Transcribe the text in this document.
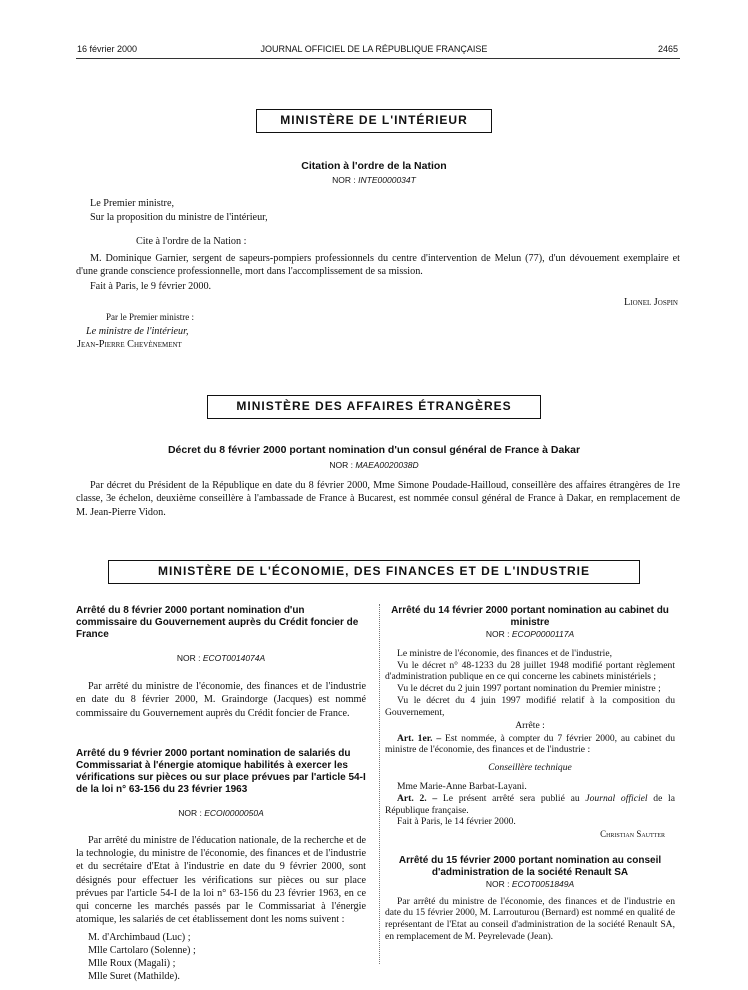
16 février 2000	JOURNAL OFFICIEL DE LA RÉPUBLIQUE FRANÇAISE	2465
MINISTÈRE DE L'INTÉRIEUR
Citation à l'ordre de la Nation
NOR : INTE0000034T
Le Premier ministre,
Sur la proposition du ministre de l'intérieur,
Cite à l'ordre de la Nation :
M. Dominique Garnier, sergent de sapeurs-pompiers professionnels du centre d'intervention de Melun (77), d'un dévouement exemplaire et d'une grande conscience professionnelle, mort dans l'accomplissement de sa mission.
Fait à Paris, le 9 février 2000.
Lionel Jospin
Par le Premier ministre :
Le ministre de l'intérieur,
Jean-Pierre Chevènement
MINISTÈRE DES AFFAIRES ÉTRANGÈRES
Décret du 8 février 2000 portant nomination d'un consul général de France à Dakar
NOR : MAEA0020038D
Par décret du Président de la République en date du 8 février 2000, Mme Simone Poudade-Hailloud, conseillère des affaires étrangères de 1re classe, 3e échelon, deuxième conseillère à l'ambassade de France à Bucarest, est nommée consul général de France à Dakar, en remplacement de M. Jean-Pierre Vidon.
MINISTÈRE DE L'ÉCONOMIE, DES FINANCES ET DE L'INDUSTRIE
Arrêté du 8 février 2000 portant nomination d'un commissaire du Gouvernement auprès du Crédit foncier de France
NOR : ECOT0014074A
Par arrêté du ministre de l'économie, des finances et de l'industrie en date du 8 février 2000, M. Graindorge (Jacques) est nommé commissaire du Gouvernement auprès du Crédit foncier de France.
Arrêté du 9 février 2000 portant nomination de salariés du Commissariat à l'énergie atomique habilités à exercer les vérifications sur pièces ou sur place prévues par l'article 54-I de la loi n° 63-156 du 23 février 1963
NOR : ECOI0000050A
Par arrêté du ministre de l'éducation nationale, de la recherche et de la technologie, du ministre de l'économie, des finances et de l'industrie et du secrétaire d'Etat à l'industrie en date du 9 février 2000, sont désignés pour effectuer les vérifications sur pièces ou sur place prévues par l'article 54-I de la loi n° 63-156 du 23 février 1963, en ce qui concerne les marchés passés par le Commissariat à l'énergie atomique, les salariés de cet établissement dont les noms suivent :
M. d'Archimbaud (Luc) ;
Mlle Cartolaro (Solenne) ;
Mlle Roux (Magali) ;
Mlle Suret (Mathilde).
Arrêté du 14 février 2000 portant nomination au cabinet du ministre
NOR : ECOP0000117A
Le ministre de l'économie, des finances et de l'industrie,
Vu le décret n° 48-1233 du 28 juillet 1948 modifié portant règlement d'administration publique en ce qui concerne les cabinets ministériels ;
Vu le décret du 2 juin 1997 portant nomination du Premier ministre ;
Vu le décret du 4 juin 1997 modifié relatif à la composition du Gouvernement,
Arrête :
Art. 1er. – Est nommée, à compter du 7 février 2000, au cabinet du ministre de l'économie, des finances et de l'industrie :
Conseillère technique
Mme Marie-Anne Barbat-Layani.
Art. 2. – Le présent arrêté sera publié au Journal officiel de la République française.
Fait à Paris, le 14 février 2000.
Christian Sautter
Arrêté du 15 février 2000 portant nomination au conseil d'administration de la société Renault SA
NOR : ECOT0051849A
Par arrêté du ministre de l'économie, des finances et de l'industrie en date du 15 février 2000, M. Larrouturou (Bernard) est nommé en qualité de représentant de l'Etat au conseil d'administration de la société Renault SA, en remplacement de M. Peyrelevade (Jean).
